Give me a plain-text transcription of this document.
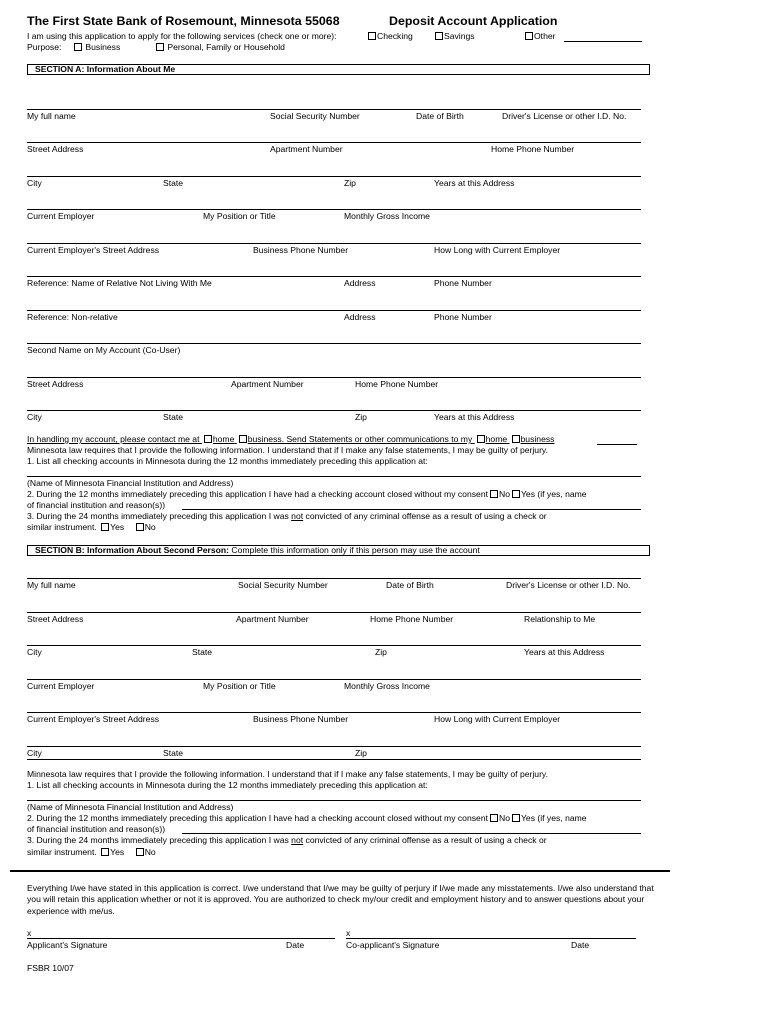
The First State Bank of Rosemount, Minnesota 55068	Deposit Account Application
I am using this application to apply for the following services (check one or more):	Checking	Savings	Other
Purpose:	Business	Personal, Family or Household
SECTION A: Information About Me
My full name	Social Security Number	Date of Birth	Driver's License or other I.D. No.
Street Address	Apartment Number	Home Phone Number
City	State	Zip	Years at this Address
Current Employer	My Position or Title	Monthly Gross Income
Current Employer's Street Address	Business Phone Number	How Long with Current Employer
Reference: Name of Relative Not Living With Me	Address	Phone Number
Reference: Non-relative	Address	Phone Number
Second Name on My Account (Co-User)
Street Address	Apartment Number	Home Phone Number
City	State	Zip	Years at this Address
In handling my account, please contact me at home business. Send Statements or other communications to my home business
Minnesota law requires that I provide the following information. I understand that if I make any false statements, I may be guilty of perjury.
1. List all checking accounts in Minnesota during the 12 months immediately preceding this application at:
(Name of Minnesota Financial Institution and Address)
2. During the 12 months immediately preceding this application I have had a checking account closed without my consent No Yes (if yes, name
of financial institution and reason(s))
3. During the 24 months immediately preceding this application I was not convicted of any criminal offense as a result of using a check or
similar instrument. Yes No
SECTION B: Information About Second Person: Complete this information only if this person may use the account
My full name	Social Security Number	Date of Birth	Driver's License or other I.D. No.
Street Address	Apartment Number	Home Phone Number	Relationship to Me
City	State	Zip	Years at this Address
Current Employer	My Position or Title	Monthly Gross Income
Current Employer's Street Address	Business Phone Number	How Long with Current Employer
City	State	Zip
Minnesota law requires that I provide the following information. I understand that if I make any false statements, I may be guilty of perjury.
1. List all checking accounts in Minnesota during the 12 months immediately preceding this application at:
(Name of Minnesota Financial Institution and Address)
2. During the 12 months immediately preceding this application I have had a checking account closed without my consent No Yes (if yes, name
of financial institution and reason(s))
3. During the 24 months immediately preceding this application I was not convicted of any criminal offense as a result of using a check or
similar instrument. Yes No
Everything I/we have stated in this application is correct. I/we understand that I/we may be guilty of perjury if I/we made any misstatements. I/we also understand that you will retain this application whether or not it is approved. You are authorized to check my/our credit and employment history and to answer questions about your experience with me/us.
x	x
Applicant's Signature	Date	Co-applicant's Signature	Date
FSBR 10/07
